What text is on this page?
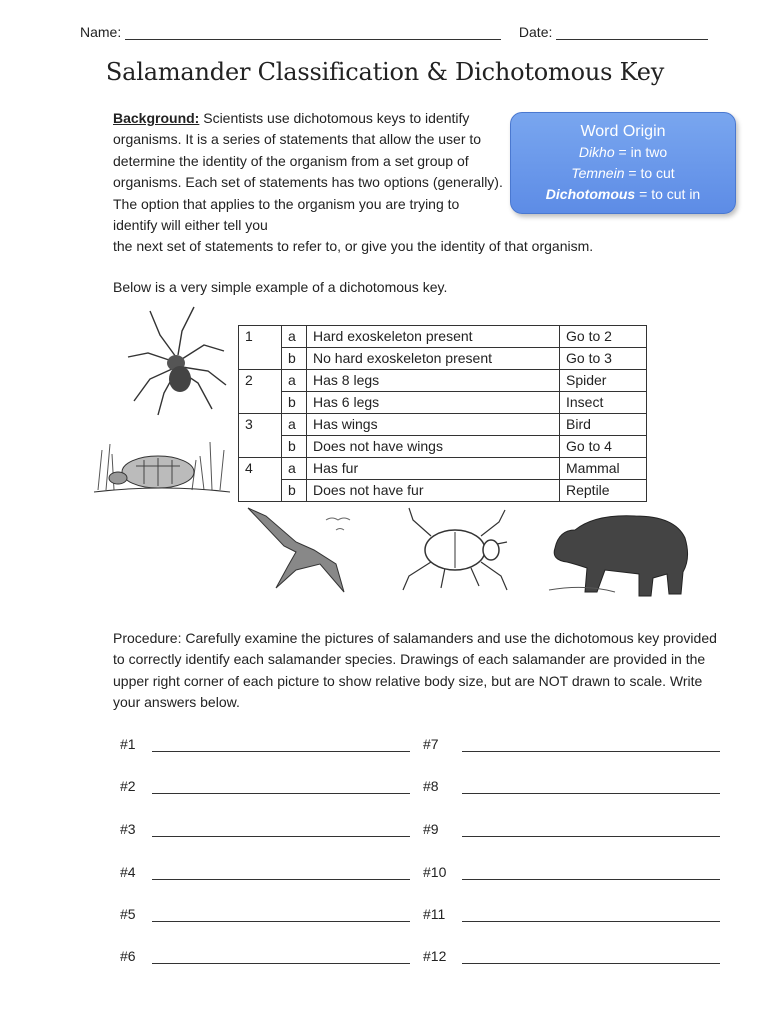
Name:	Date:
Salamander Classification & Dichotomous Key
Background: Scientists use dichotomous keys to identify organisms. It is a series of statements that allow the user to determine the identity of the organism from a set group of organisms. Each set of statements has two options (generally). The option that applies to the organism you are trying to identify will either tell you
the next set of statements to refer to, or give you the identity of that organism.
Word Origin
Dikho = in two
Temnein = to cut
Dichotomous = to cut in
Below is a very simple example of a dichotomous key.
1	a	Hard exoskeleton present	Go to 2
	b	No hard exoskeleton present	Go to 3
2	a	Has 8 legs	Spider
	b	Has 6 legs	Insect
3	a	Has wings	Bird
	b	Does not have wings	Go to 4
4	a	Has fur	Mammal
	b	Does not have fur	Reptile
Procedure: Carefully examine the pictures of salamanders and use the dichotomous key provided to correctly identify each salamander species. Drawings of each salamander are provided in the upper right corner of each picture to show relative body size, but are NOT drawn to scale. Write your answers below.
#1
#2
#3
#4
#5
#6
#7
#8
#9
#10
#11
#12
